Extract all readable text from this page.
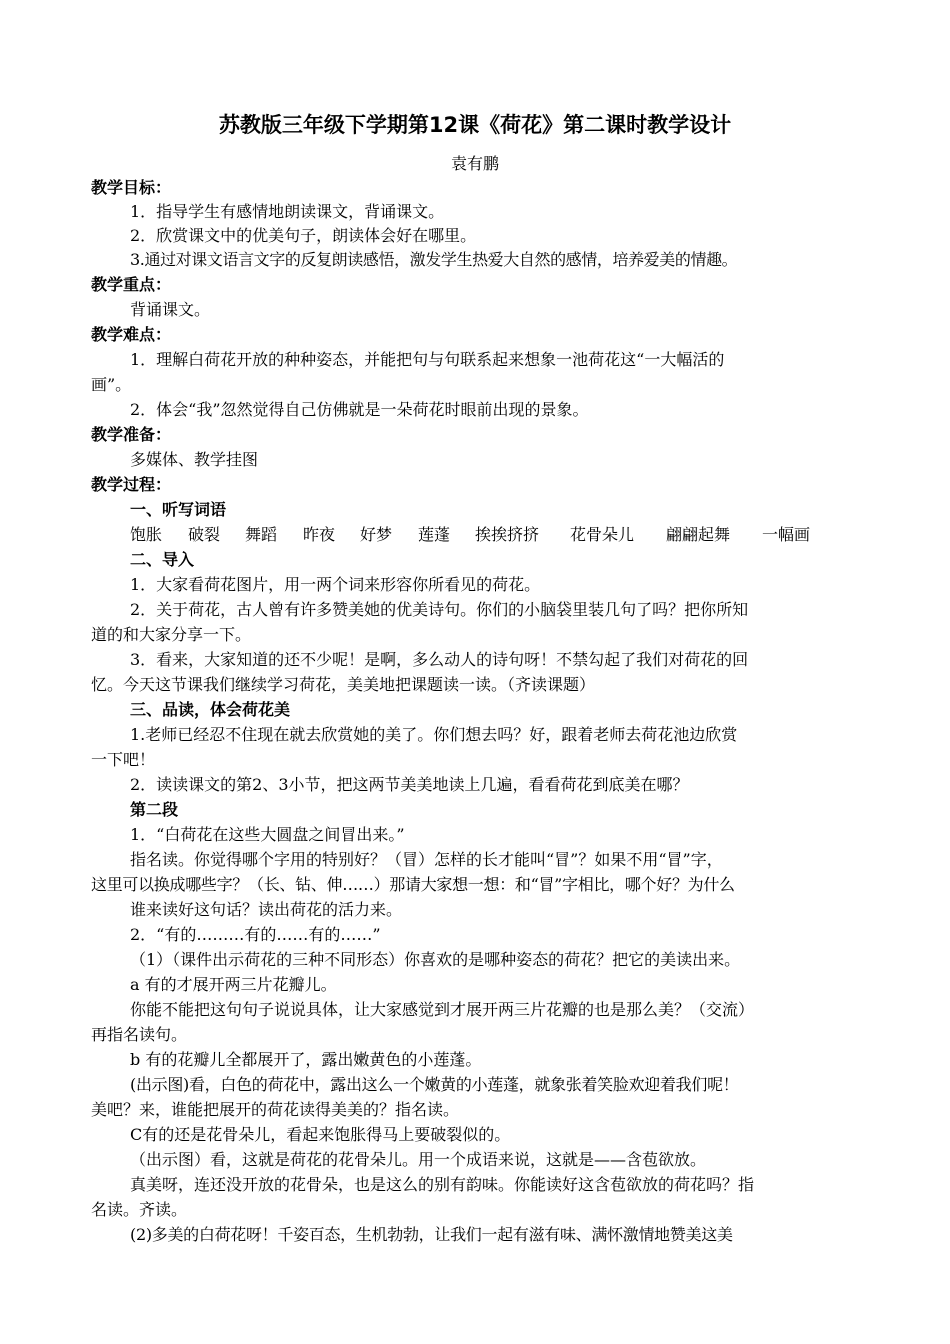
苏教版三年级下学期第12课《荷花》第二课时教学设计
袁有鹏
教学目标：
1．指导学生有感情地朗读课文，背诵课文。
2．欣赏课文中的优美句子，朗读体会好在哪里。
3.通过对课文语言文字的反复朗读感悟，激发学生热爱大自然的感情，培养爱美的情趣。
教学重点：
背诵课文。
教学难点：
1．理解白荷花开放的种种姿态，并能把句与句联系起来想象一池荷花这“一大幅活的
画”。
2．体会“我”忽然觉得自己仿佛就是一朵荷花时眼前出现的景象。
教学准备：
多媒体、教学挂图
教学过程：
一、听写词语
饱胀 破裂 舞蹈 昨夜 好梦 莲蓬 挨挨挤挤 花骨朵儿 翩翩起舞 一幅画
二、导入
1．大家看荷花图片，用一两个词来形容你所看见的荷花。
2．关于荷花，古人曾有许多赞美她的优美诗句。你们的小脑袋里装几句了吗？把你所知
道的和大家分享一下。
3．看来，大家知道的还不少呢！是啊，多么动人的诗句呀！不禁勾起了我们对荷花的回
忆。今天这节课我们继续学习荷花，美美地把课题读一读。（齐读课题）
三、品读，体会荷花美
1.老师已经忍不住现在就去欣赏她的美了。你们想去吗？好，跟着老师去荷花池边欣赏
一下吧！
2．读读课文的第2、3小节，把这两节美美地读上几遍，看看荷花到底美在哪？
第二段
1．“白荷花在这些大圆盘之间冒出来。”
指名读。你觉得哪个字用的特别好？（冒）怎样的长才能叫“冒”？如果不用“冒”字，
这里可以换成哪些字？（长、钻、伸……）那请大家想一想：和“冒”字相比，哪个好？为什么
谁来读好这句话？读出荷花的活力来。
2．“有的………有的……有的……”
（1）（课件出示荷花的三种不同形态）你喜欢的是哪种姿态的荷花？把它的美读出来。
a 有的才展开两三片花瓣儿。
你能不能把这句句子说说具体，让大家感觉到才展开两三片花瓣的也是那么美？（交流）
再指名读句。
b 有的花瓣儿全都展开了，露出嫩黄色的小莲蓬。
(出示图)看，白色的荷花中，露出这么一个嫩黄的小莲蓬，就象张着笑脸欢迎着我们呢！
美吧？来，谁能把展开的荷花读得美美的？指名读。
C有的还是花骨朵儿，看起来饱胀得马上要破裂似的。
（出示图）看，这就是荷花的花骨朵儿。用一个成语来说，这就是——含苞欲放。
真美呀，连还没开放的花骨朵，也是这么的别有韵味。你能读好这含苞欲放的荷花吗？指
名读。齐读。
(2)多美的白荷花呀！千姿百态，生机勃勃，让我们一起有滋有味、满怀激情地赞美这美
